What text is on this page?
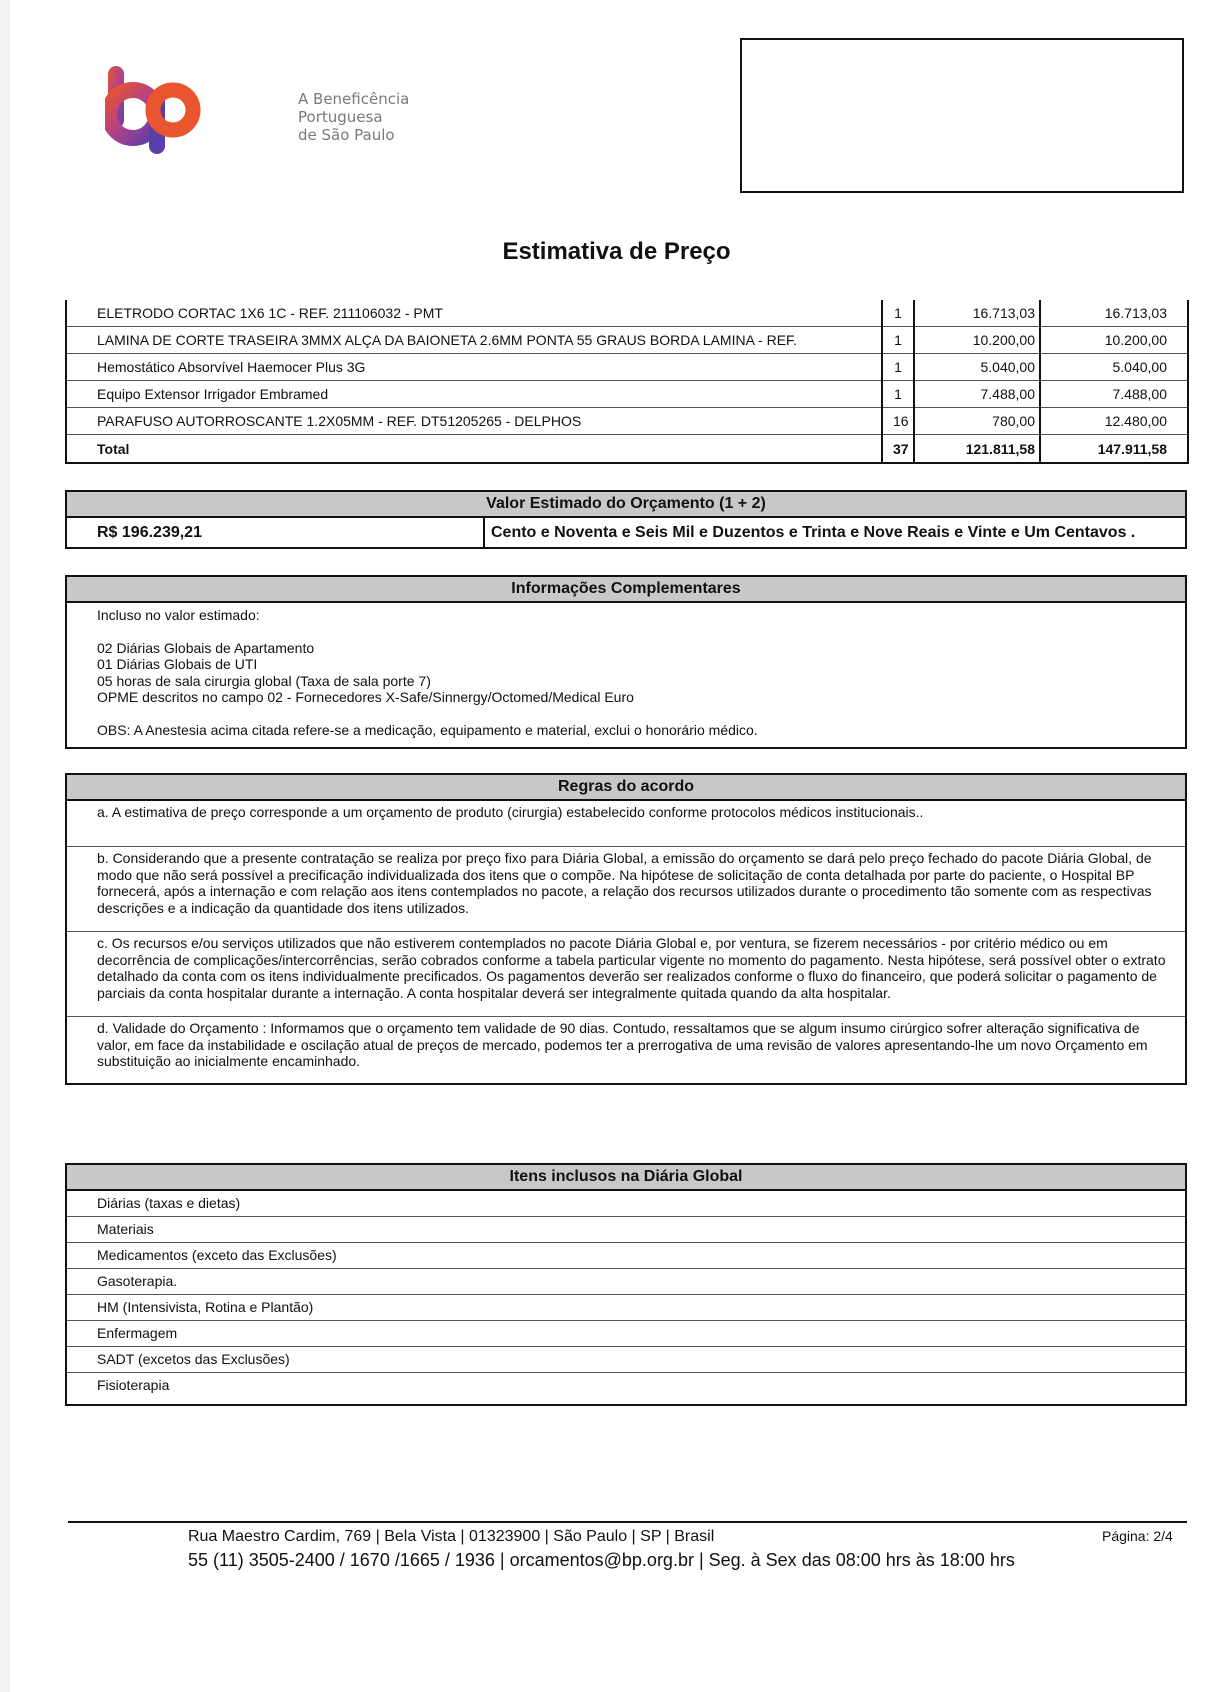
bp
A Beneficência
Portuguesa
de São Paulo
Estimativa de Preço
ELETRODO CORTAC 1X6 1C - REF. 211106032 - PMT	1	16.713,03	16.713,03
LAMINA DE CORTE TRASEIRA 3MMX ALÇA DA BAIONETA 2.6MM PONTA 55 GRAUS BORDA LAMINA - REF.	1	10.200,00	10.200,00
Hemostático Absorvível Haemocer Plus 3G	1	5.040,00	5.040,00
Equipo Extensor Irrigador Embramed	1	7.488,00	7.488,00
PARAFUSO AUTORROSCANTE 1.2X05MM - REF. DT51205265 - DELPHOS	16	780,00	12.480,00
Total	37	121.811,58	147.911,58
Valor Estimado do Orçamento (1 + 2)
R$ 196.239,21	Cento e Noventa e Seis Mil e Duzentos e Trinta e Nove Reais e Vinte e Um Centavos .
Informações Complementares
Incluso no valor estimado:
02 Diárias Globais de Apartamento
01 Diárias Globais de UTI
05 horas de sala cirurgia global (Taxa de sala porte 7)
OPME descritos no campo 02 - Fornecedores X-Safe/Sinnergy/Octomed/Medical Euro
OBS: A Anestesia acima citada refere-se a medicação, equipamento e material, exclui o honorário médico.
Regras do acordo
a. A estimativa de preço corresponde a um orçamento de produto (cirurgia) estabelecido conforme protocolos médicos institucionais..
b. Considerando que a presente contratação se realiza por preço fixo para Diária Global, a emissão do orçamento se dará pelo preço fechado do pacote Diária Global, de modo que não será possível a precificação individualizada dos itens que o compõe. Na hipótese de solicitação de conta detalhada por parte do paciente, o Hospital BP fornecerá, após a internação e com relação aos itens contemplados no pacote, a relação dos recursos utilizados durante o procedimento tão somente com as respectivas descrições e a indicação da quantidade dos itens utilizados.
c. Os recursos e/ou serviços utilizados que não estiverem contemplados no pacote Diária Global e, por ventura, se fizerem necessários - por critério médico ou em decorrência de complicações/intercorrências, serão cobrados conforme a tabela particular vigente no momento do pagamento. Nesta hipótese, será possível obter o extrato detalhado da conta com os itens individualmente precificados. Os pagamentos deverão ser realizados conforme o fluxo do financeiro, que poderá solicitar o pagamento de parciais da conta hospitalar durante a internação. A conta hospitalar deverá ser integralmente quitada quando da alta hospitalar.
d. Validade do Orçamento : Informamos que o orçamento tem validade de 90 dias. Contudo, ressaltamos que se algum insumo cirúrgico sofrer alteração significativa de valor, em face da instabilidade e oscilação atual de preços de mercado, podemos ter a prerrogativa de uma revisão de valores apresentando-lhe um novo Orçamento em substituição ao inicialmente encaminhado.
Itens inclusos na Diária Global
Diárias (taxas e dietas)
Materiais
Medicamentos (exceto das Exclusões)
Gasoterapia.
HM (Intensivista, Rotina e Plantão)
Enfermagem
SADT (excetos das Exclusões)
Fisioterapia
Rua Maestro Cardim, 769 | Bela Vista | 01323900 | São Paulo | SP | Brasil
55 (11) 3505-2400 / 1670 /1665 / 1936 | orcamentos@bp.org.br | Seg. à Sex das 08:00 hrs às 18:00 hrs
Página: 2/4
